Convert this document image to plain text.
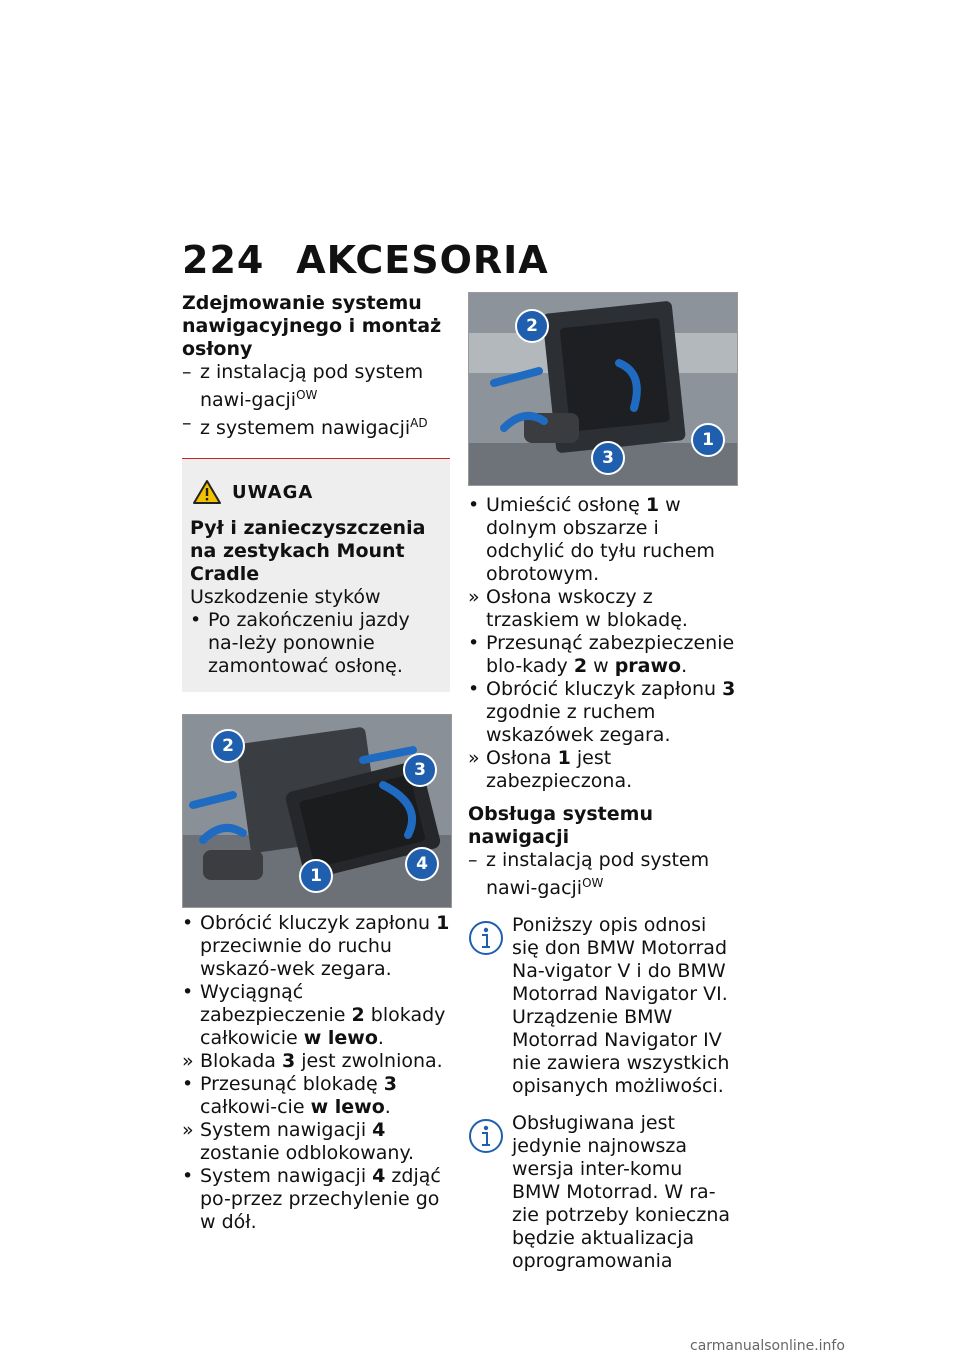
224 AKCESORIA
Zdejmowanie systemu nawigacyjnego i montaż osłony
– z instalacją pod system nawi-gacji$^{OW}$
– z systemem nawigacji$^{AD}$
UWAGA
Pył i zanieczyszczenia na zestykach Mount Cradle

Uszkodzenie styków

• Po zakończeniu jazdy na-leży ponownie zamontować osłonę.
2
3
1
4
• Obrócić kluczyk zapłonu 1 przeciwnie do ruchu wskazó-wek zegara.
• Wyciągnąć zabezpieczenie 2 blokady całkowicie w lewo.
» Blokada 3 jest zwolniona.
• Przesunąć blokadę 3 całkowi-cie w lewo.
» System nawigacji 4 zostanie odblokowany.
• System nawigacji 4 zdjąć po-przez przechylenie go w dół.
2
3
1
• Umieścić osłonę 1 w dolnym obszarze i odchylić do tyłu ruchem obrotowym.
» Osłona wskoczy z trzaskiem w blokadę.
• Przesunąć zabezpieczenie blo-kady 2 w prawo.
• Obrócić kluczyk zapłonu 3 zgodnie z ruchem wskazówek zegara.
» Osłona 1 jest zabezpieczona.
Obsługa systemu nawigacji
– z instalacją pod system nawi-gacji$^{OW}$

Poniższy opis odnosi się don BMW Motorrad Na-vigator V i do BMW Motorrad Navigator VI. Urządzenie BMW Motorrad Navigator IV nie zawiera wszystkich opisanych możliwości.

Obsługiwana jest jedynie najnowsza wersja inter-komu BMW Motorrad. W ra-zie potrzeby konieczna będzie aktualizacja oprogramowania

carmanualsonline.info
